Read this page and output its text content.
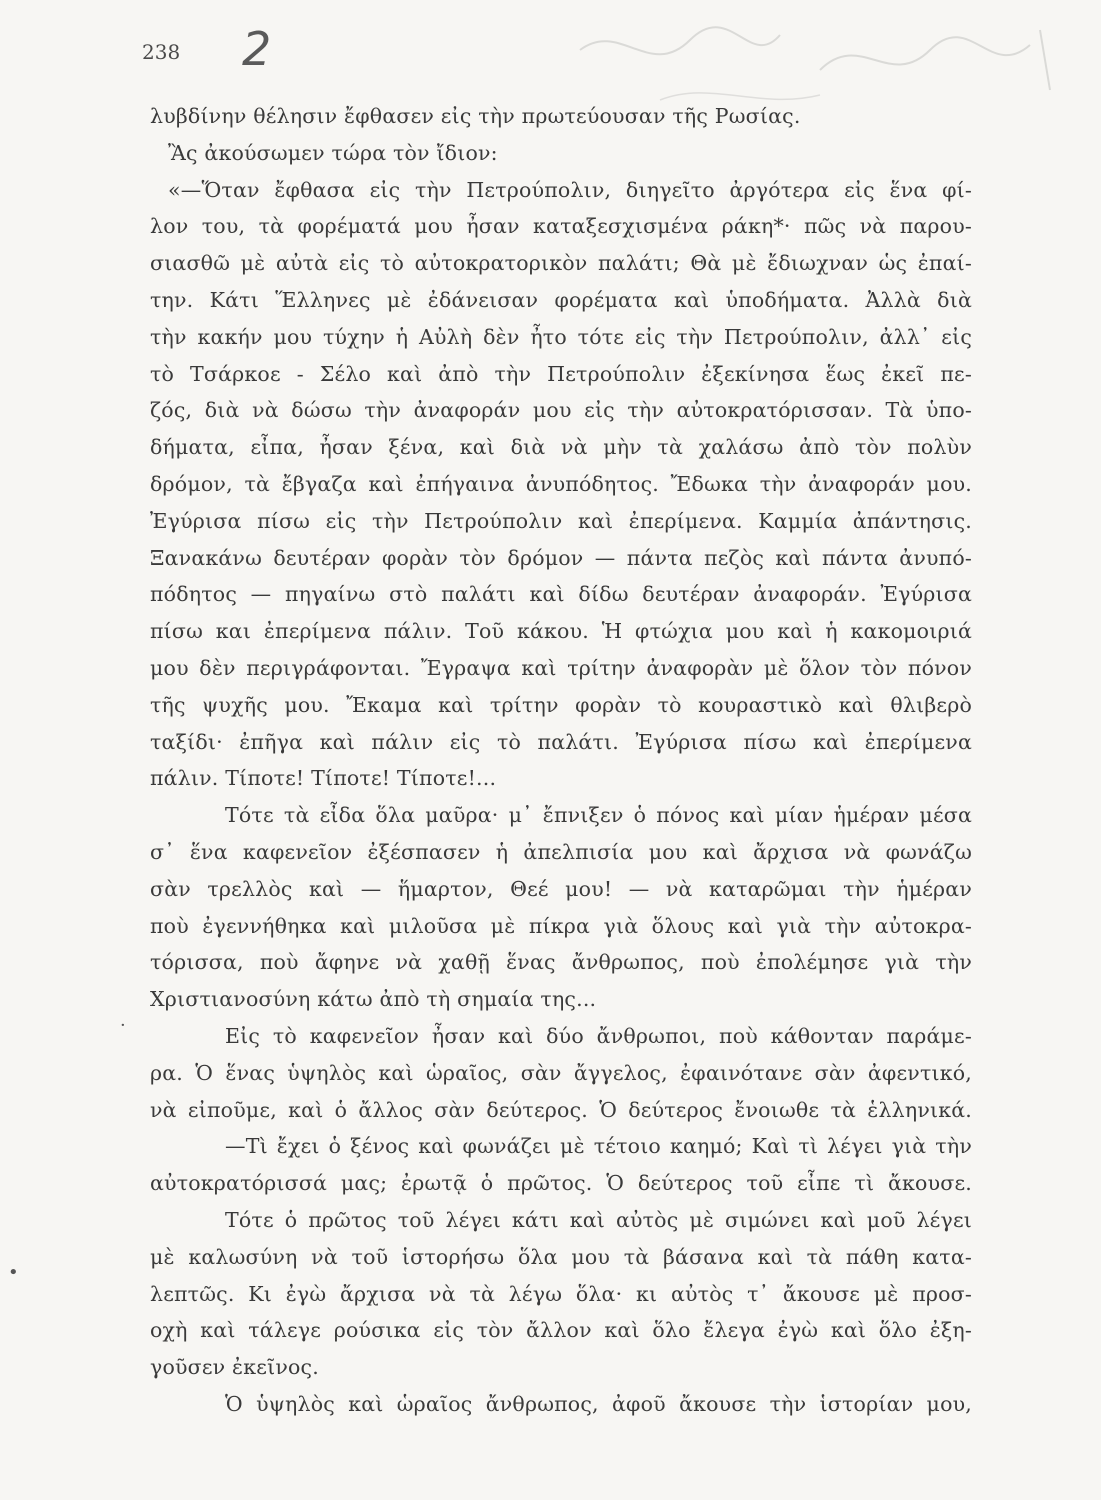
238 2
λυβδίνην θέλησιν ἔφθασεν εἰς τὴν πρωτεύουσαν τῆς Ρωσίας.
Ἂς ἀκούσωμεν τώρα τὸν ἴδιον:
«—Ὅταν ἔφθασα εἰς τὴν Πετρούπολιν, διηγεῖτο ἀργότερα εἰς ἕνα φί-
λον του, τὰ φορέματά μου ἦσαν καταξεσχισμένα ράκη*· πῶς νὰ παρου-
σιασθῶ μὲ αὐτὰ εἰς τὸ αὐτοκρατορικὸν παλάτι; Θὰ μὲ ἔδιωχναν ὡς ἐπαί-
την. Κάτι Ἕλληνες μὲ ἐδάνεισαν φορέματα καὶ ὑποδήματα. Ἀλλὰ διὰ
τὴν κακήν μου τύχην ἡ Αὐλὴ δὲν ἦτο τότε εἰς τὴν Πετρούπολιν, ἀλλ᾽ εἰς
τὸ Τσάρκοε - Σέλο καὶ ἀπὸ τὴν Πετρούπολιν ἐξεκίνησα ἕως ἐκεῖ πε-
ζός, διὰ νὰ δώσω τὴν ἀναφοράν μου εἰς τὴν αὐτοκρατόρισσαν. Τὰ ὑπο-
δήματα, εἶπα, ἦσαν ξένα, καὶ διὰ νὰ μὴν τὰ χαλάσω ἀπὸ τὸν πολὺν
δρόμον, τὰ ἔβγαζα καὶ ἐπήγαινα ἀνυπόδητος. Ἔδωκα τὴν ἀναφοράν μου.
Ἐγύρισα πίσω εἰς τὴν Πετρούπολιν καὶ ἐπερίμενα. Καμμία ἀπάντησις.
Ξανακάνω δευτέραν φορὰν τὸν δρόμον — πάντα πεζὸς καὶ πάντα ἀνυπό-
πόδητος — πηγαίνω στὸ παλάτι καὶ δίδω δευτέραν ἀναφοράν. Ἐγύρισα
πίσω και ἐπερίμενα πάλιν. Τοῦ κάκου. Ἡ φτώχια μου καὶ ἡ κακομοιριά
μου δὲν περιγράφονται. Ἔγραψα καὶ τρίτην ἀναφορὰν μὲ ὅλον τὸν πόνον
τῆς ψυχῆς μου. Ἔκαμα καὶ τρίτην φορὰν τὸ κουραστικὸ καὶ θλιβερὸ
ταξίδι· ἐπῆγα καὶ πάλιν εἰς τὸ παλάτι. Ἐγύρισα πίσω καὶ ἐπερίμενα
πάλιν. Τίποτε! Τίποτε! Τίποτε!...
Τότε τὰ εἶδα ὅλα μαῦρα· μ᾽ ἔπνιξεν ὁ πόνος καὶ μίαν ἡμέραν μέσα
σ᾽ ἕνα καφενεῖον ἐξέσπασεν ἡ ἀπελπισία μου καὶ ἄρχισα νὰ φωνάζω
σὰν τρελλὸς καὶ — ἥμαρτον, Θεέ μου! — νὰ καταρῶμαι τὴν ἡμέραν
ποὺ ἐγεννήθηκα καὶ μιλοῦσα μὲ πίκρα γιὰ ὅλους καὶ γιὰ τὴν αὐτοκρα-
τόρισσα, ποὺ ἄφηνε νὰ χαθῇ ἕνας ἄνθρωπος, ποὺ ἐπολέμησε γιὰ τὴν
Χριστιανοσύνη κάτω ἀπὸ τὴ σημαία της...
Εἰς τὸ καφενεῖον ἦσαν καὶ δύο ἄνθρωποι, ποὺ κάθονταν παράμε-
ρα. Ὁ ἕνας ὑψηλὸς καὶ ὡραῖος, σὰν ἄγγελος, ἐφαινότανε σὰν ἀφεντικό,
νὰ εἰποῦμε, καὶ ὁ ἄλλος σὰν δεύτερος. Ὁ δεύτερος ἔνοιωθε τὰ ἑλληνικά.
—Τὶ ἔχει ὁ ξένος καὶ φωνάζει μὲ τέτοιο καημό; Καὶ τὶ λέγει γιὰ τὴν
αὐτοκρατόρισσά μας; ἐρωτᾷ ὁ πρῶτος. Ὁ δεύτερος τοῦ εἶπε τὶ ἄκουσε.
Τότε ὁ πρῶτος τοῦ λέγει κάτι καὶ αὐτὸς μὲ σιμώνει καὶ μοῦ λέγει
μὲ καλωσύνη νὰ τοῦ ἱστορήσω ὅλα μου τὰ βάσανα καὶ τὰ πάθη κατα-
λεπτῶς. Κι ἐγὼ ἄρχισα νὰ τὰ λέγω ὅλα· κι αὐτὸς τ᾽ ἄκουσε μὲ προσ-
οχὴ καὶ τάλεγε ρούσικα εἰς τὸν ἄλλον καὶ ὅλο ἔλεγα ἐγὼ καὶ ὅλο ἐξη-
γοῦσεν ἐκεῖνος.
Ὁ ὑψηλὸς καὶ ὡραῖος ἄνθρωπος, ἀφοῦ ἄκουσε τὴν ἱστορίαν μου,
·
•
